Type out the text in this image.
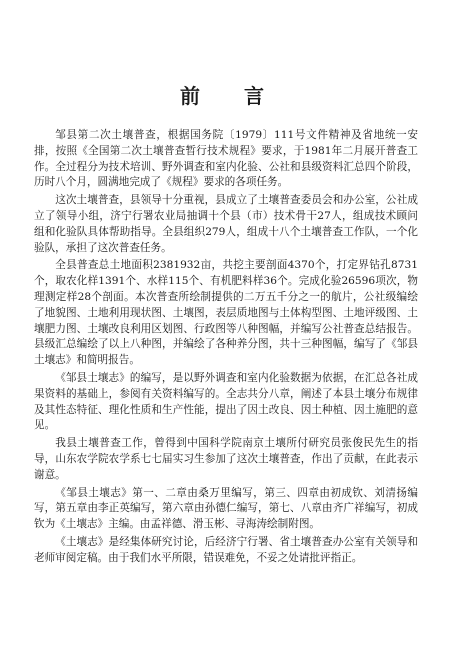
前 言

邹县第二次土壤普查，根据国务院〔1979〕111号文件精神及省地统一安排，按照《全国第二次土壤普查暂行技术规程》要求，于1981年二月展开普查工作。全过程分为技术培训、野外调查和室内化验、公社和县级资料汇总四个阶段，历时八个月，圆满地完成了《规程》要求的各项任务。

这次土壤普查，县领导十分重视，县成立了土壤普查委员会和办公室，公社成立了领导小组，济宁行署农业局抽调十个县（市）技术骨干27人，组成技术顾问组和化验队具体帮助指导。全县组织279人，组成十八个土壤普查工作队，一个化验队，承担了这次普查任务。

全县普查总土地面积2381932亩，共挖主要剖面4370个，打定界钻孔8731个，取农化样1391个、水样115个、有机肥料样36个。完成化验26596项次，物理测定样28个剖面。本次普查所绘制提供的二万五千分之一的航片，公社级编绘了地貌图、土地利用现状图、土壤图，表层质地图与土体构型图、土地评级图、土壤肥力图、土壤改良利用区划图、行政图等八种图幅，并编写公社普查总结报告。县级汇总编绘了以上八种图，并编绘了各种养分图，共十三种图幅，编写了《邹县土壤志》和简明报告。

《邹县土壤志》的编写，是以野外调查和室内化验数据为依据，在汇总各社成果资料的基础上，参阅有关资料编写的。全志共分八章，阐述了本县土壤分布规律及其性态特征、理化性质和生产性能，提出了因土改良、因土种植、因土施肥的意见。

我县土壤普查工作，曾得到中国科学院南京土壤所付研究员张俊民先生的指导，山东农学院农学系七七届实习生参加了这次土壤普查，作出了贡献，在此表示谢意。

《邹县土壤志》第一、二章由桑万里编写，第三、四章由初成钦、刘清扬编写，第五章由李正英编写，第六章由孙德仁编写，第七、八章由齐广祥编写，初成钦为《土壤志》主编。由孟祥德、滑玉彬、寻海涛绘制附图。

《土壤志》是经集体研究讨论，后经济宁行署、省土壤普查办公室有关领导和老师审阅定稿。由于我们水平所限，错误难免，不妥之处请批评指正。
